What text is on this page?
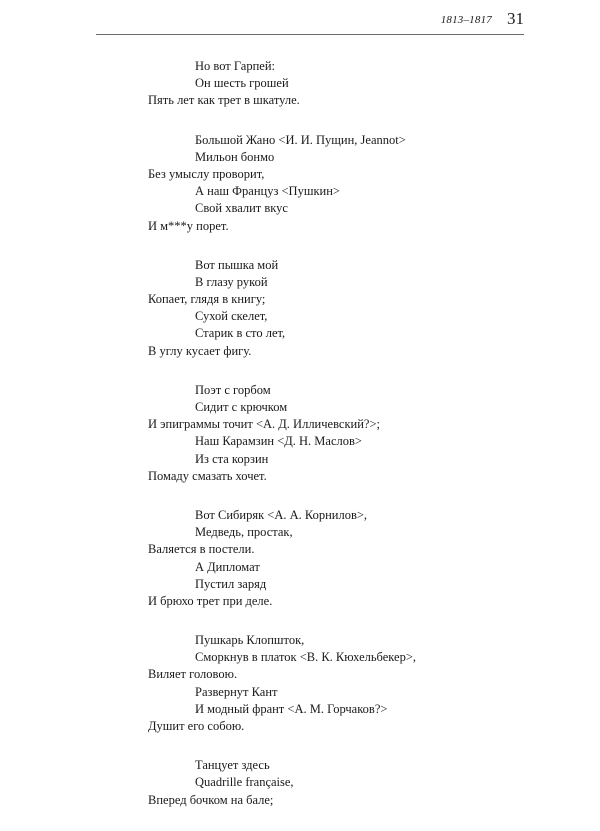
1813–1817 31
Но вот Гарпей:
Он шесть грошей
Пять лет как трет в шкатуле.
Большой Жано <И. И. Пущин, Jeannot>
Мильон бонмо
Без умыслу проворит,
А наш Француз <Пушкин>
Свой хвалит вкус
И м***у порет.
Вот пышка мой
В глазу рукой
Копает, глядя в книгу;
Сухой скелет,
Старик в сто лет,
В углу кусает фигу.
Поэт с горбом
Сидит с крючком
И эпиграммы точит <А. Д. Илличевский?>;
Наш Карамзин <Д. Н. Маслов>
Из ста корзин
Помаду смазать хочет.
Вот Сибиряк <А. А. Корнилов>,
Медведь, простак,
Валяется в постели.
А Дипломат
Пустил заряд
И брюхо трет при деле.
Пушкарь Клопшток,
Сморкнув в платок <В. К. Кюхельбекер>,
Виляет головою.
Развернут Кант
И модный франт <А. М. Горчаков?>
Душит его собою.
Танцует здесь
Quadrille française,
Вперед бочком на бале;
